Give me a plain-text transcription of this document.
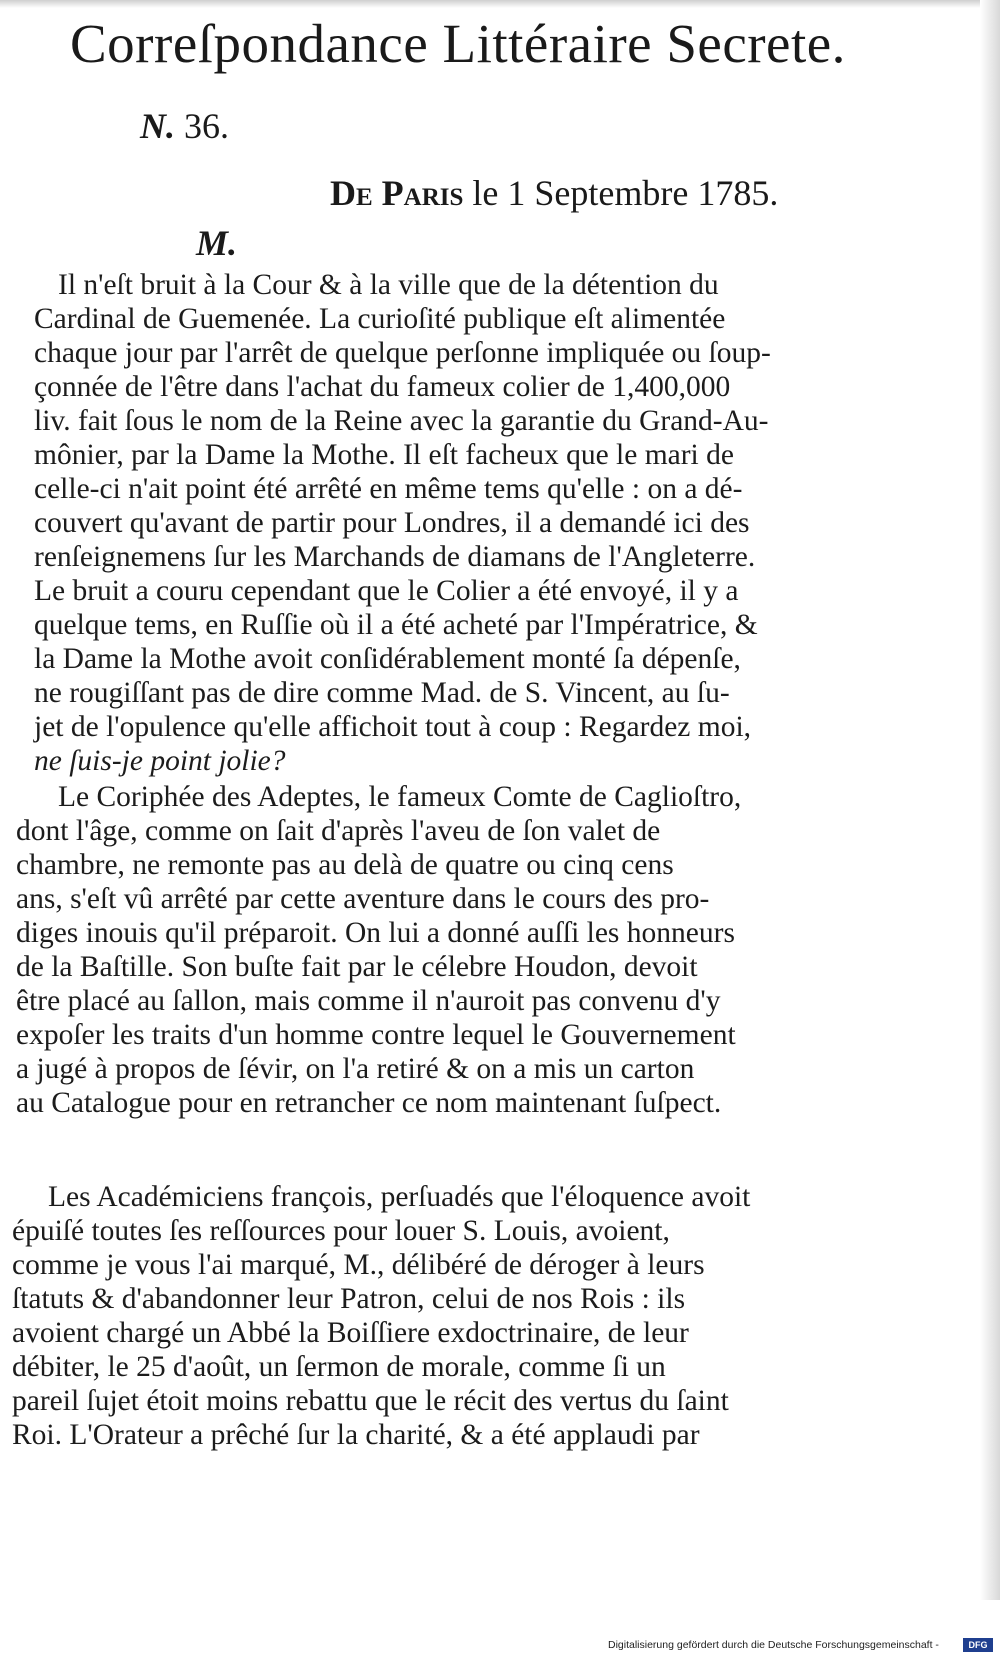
Correſpondance Littéraire Secrete.
N. 36.
De Paris le 1 Septembre 1785.
M.
Il n'eſt bruit à la Cour & à la ville que de la détention du
Cardinal de Guemenée. La curioſité publique eſt alimentée
chaque jour par l'arrêt de quelque perſonne impliquée ou ſoup-
çonnée de l'être dans l'achat du fameux colier de 1,400,000
liv. fait ſous le nom de la Reine avec la garantie du Grand-Au-
mônier, par la Dame la Mothe. Il eſt facheux que le mari de
celle-ci n'ait point été arrêté en même tems qu'elle : on a dé-
couvert qu'avant de partir pour Londres, il a demandé ici des
renſeignemens ſur les Marchands de diamans de l'Angleterre.
Le bruit a couru cependant que le Colier a été envoyé, il y a
quelque tems, en Ruſſie où il a été acheté par l'Impératrice, &
la Dame la Mothe avoit conſidérablement monté ſa dépenſe,
ne rougiſſant pas de dire comme Mad. de S. Vincent, au ſu-
jet de l'opulence qu'elle affichoit tout à coup : Regardez moi,
ne ſuis-je point jolie?
Le Coriphée des Adeptes, le fameux Comte de Caglioſtro,
dont l'âge, comme on ſait d'après l'aveu de ſon valet de
chambre, ne remonte pas au delà de quatre ou cinq cens
ans, s'eſt vû arrêté par cette aventure dans le cours des pro-
diges inouis qu'il préparoit. On lui a donné auſſi les honneurs
de la Baſtille. Son buſte fait par le célebre Houdon, devoit
être placé au ſallon, mais comme il n'auroit pas convenu d'y
expoſer les traits d'un homme contre lequel le Gouvernement
a jugé à propos de ſévir, on l'a retiré & on a mis un carton
au Catalogue pour en retrancher ce nom maintenant ſuſpect.
Les Académiciens françois, perſuadés que l'éloquence avoit
épuiſé toutes ſes reſſources pour louer S. Louis, avoient,
comme je vous l'ai marqué, M., délibéré de déroger à leurs
ſtatuts & d'abandonner leur Patron, celui de nos Rois : ils
avoient chargé un Abbé la Boiſſiere exdoctrinaire, de leur
débiter, le 25 d'août, un ſermon de morale, comme ſi un
pareil ſujet étoit moins rebattu que le récit des vertus du ſaint
Roi. L'Orateur a prêché ſur la charité, & a été applaudi par
Digitalisierung gefördert durch die Deutsche Forschungsgemeinschaft -	DFG
